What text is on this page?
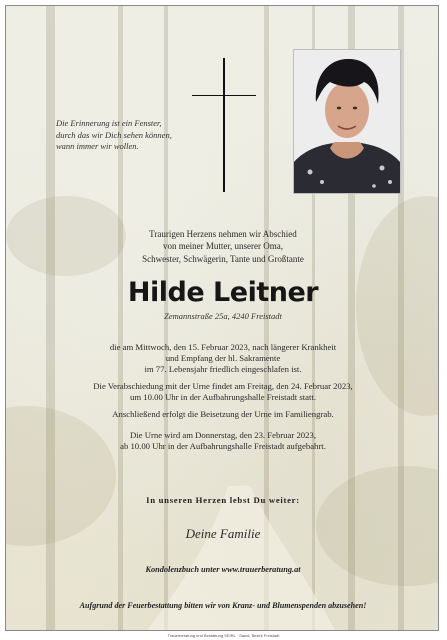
Die Erinnerung ist ein Fenster,
durch das wir Dich sehen können,
wann immer wir wollen.
Traurigen Herzens nehmen wir Abschied
von meiner Mutter, unserer Oma,
Schwester, Schwägerin, Tante und Großtante
Hilde Leitner
Zemannstraße 25a, 4240 Freistadt
die am Mittwoch, den 15. Februar 2023, nach längerer Krankheit
und Empfang der hl. Sakramente
im 77. Lebensjahr friedlich eingeschlafen ist.
Die Verabschiedung mit der Urne findet am Freitag, den 24. Februar 2023,
um 10.00 Uhr in der Aufbahrungshalle Freistadt statt.
Anschließend erfolgt die Beisetzung der Urne im Familiengrab.
Die Urne wird am Donnerstag, den 23. Februar 2023,
ab 10.00 Uhr in der Aufbahrungshalle Freistadt aufgebahrt.
In unseren Herzen lebst Du weiter:
Deine Familie
Kondolenzbuch unter www.trauerberatung.at
Aufgrund der Feuerbestattung bitten wir von Kranz- und Blumenspenden abzusehen!
Trauerberatung und Bestattung SEIRL · Sandl, Bezirk Freistadt
